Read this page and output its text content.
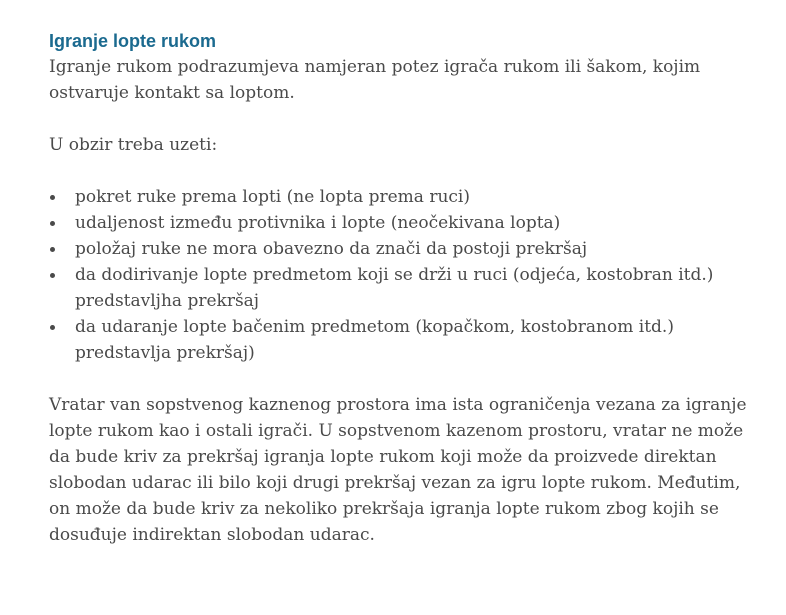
Igranje lopte rukom
Igranje rukom podrazumjeva namjeran potez igrača rukom ili šakom, kojim
ostvaruje kontakt sa loptom.
U obzir treba uzeti:
pokret ruke prema lopti (ne lopta prema ruci)
udaljenost između protivnika i lopte (neočekivana lopta)
položaj ruke ne mora obavezno da znači da postoji prekršaj
da dodirivanje lopte predmetom koji se drži u ruci (odjeća, kostobran itd.)
predstavljha prekršaj
da udaranje lopte bačenim predmetom (kopačkom, kostobranom itd.)
predstavlja prekršaj)
Vratar van sopstvenog kaznenog prostora ima ista ograničenja vezana za igranje
lopte rukom kao i ostali igrači. U sopstvenom kazenom prostoru, vratar ne može
da bude kriv za prekršaj igranja lopte rukom koji može da proizvede direktan
slobodan udarac ili bilo koji drugi prekršaj vezan za igru lopte rukom. Međutim,
on može da bude kriv za nekoliko prekršaja igranja lopte rukom zbog kojih se
dosuđuje indirektan slobodan udarac.
